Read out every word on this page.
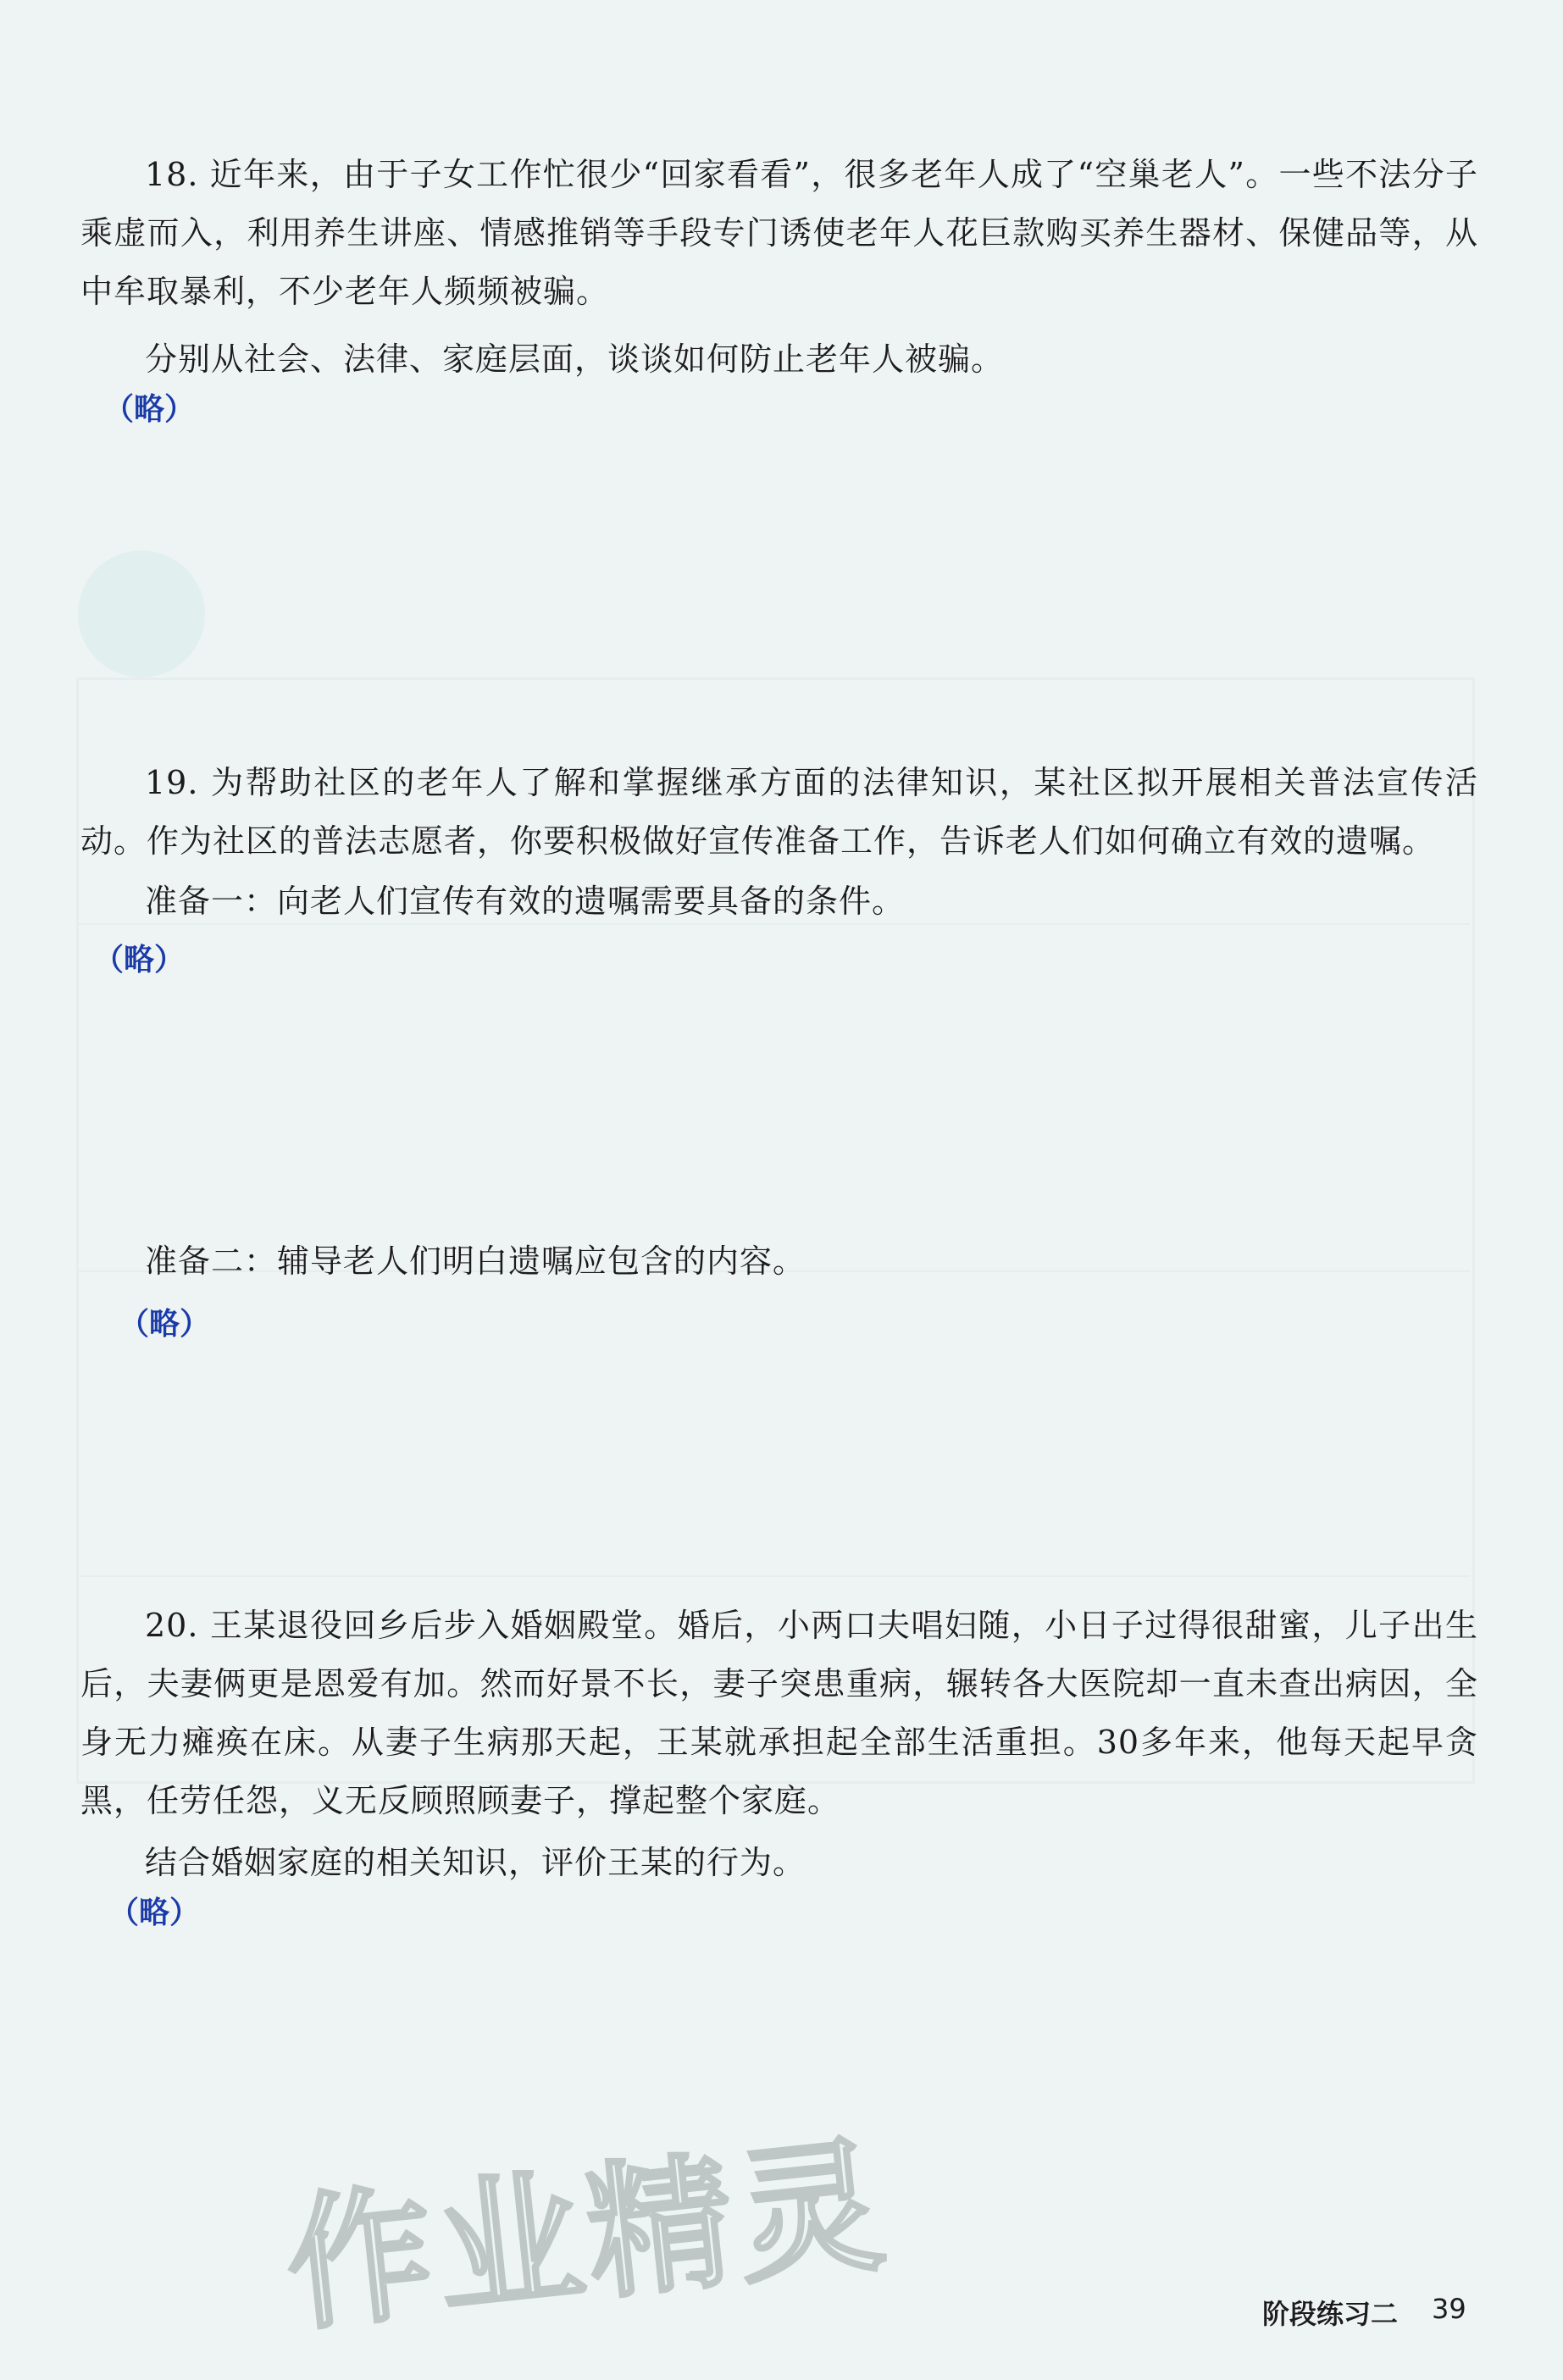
18. 近年来，由于子女工作忙很少“回家看看”，很多老年人成了“空巢老人”。一些不法分子乘虚而入，利用养生讲座、情感推销等手段专门诱使老年人花巨款购买养生器材、保健品等，从中牟取暴利，不少老年人频频被骗。

分别从社会、法律、家庭层面，谈谈如何防止老年人被骗。

（略）

19. 为帮助社区的老年人了解和掌握继承方面的法律知识，某社区拟开展相关普法宣传活动。作为社区的普法志愿者，你要积极做好宣传准备工作，告诉老人们如何确立有效的遗嘱。

准备一：向老人们宣传有效的遗嘱需要具备的条件。

（略）

准备二：辅导老人们明白遗嘱应包含的内容。

（略）

20. 王某退役回乡后步入婚姻殿堂。婚后，小两口夫唱妇随，小日子过得很甜蜜，儿子出生后，夫妻俩更是恩爱有加。然而好景不长，妻子突患重病，辗转各大医院却一直未查出病因，全身无力瘫痪在床。从妻子生病那天起，王某就承担起全部生活重担。30多年来，他每天起早贪黑，任劳任怨，义无反顾照顾妻子，撑起整个家庭。

结合婚姻家庭的相关知识，评价王某的行为。

（略）

作业精灵	阶段练习二 39
